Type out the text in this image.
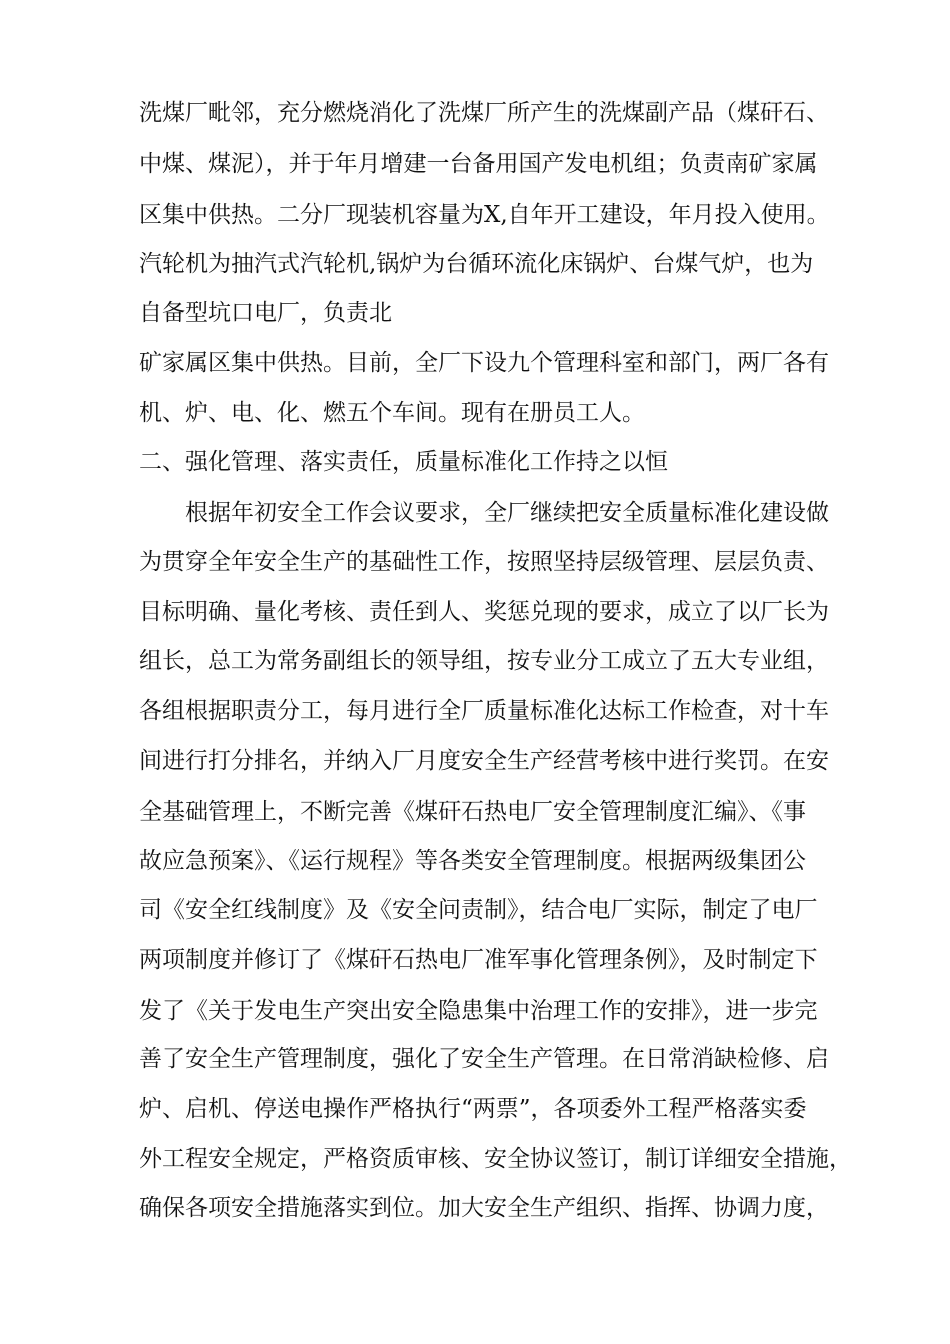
洗煤厂毗邻，充分燃烧消化了洗煤厂所产生的洗煤副产品（煤矸石、
中煤、煤泥），并于年月增建一台备用国产发电机组；负责南矿家属
区集中供热。二分厂现装机容量为X,自年开工建设，年月投入使用。
汽轮机为抽汽式汽轮机,锅炉为台循环流化床锅炉、台煤气炉，也为
自备型坑口电厂，负责北
矿家属区集中供热。目前，全厂下设九个管理科室和部门，两厂各有
机、炉、电、化、燃五个车间。现有在册员工人。
二、强化管理、落实责任，质量标准化工作持之以恒
根据年初安全工作会议要求，全厂继续把安全质量标准化建设做
为贯穿全年安全生产的基础性工作，按照坚持层级管理、层层负责、
目标明确、量化考核、责任到人、奖惩兑现的要求，成立了以厂长为
组长，总工为常务副组长的领导组，按专业分工成立了五大专业组，
各组根据职责分工，每月进行全厂质量标准化达标工作检查，对十车
间进行打分排名，并纳入厂月度安全生产经营考核中进行奖罚。在安
全基础管理上，不断完善《煤矸石热电厂安全管理制度汇编》、《事
故应急预案》、《运行规程》等各类安全管理制度。根据两级集团公
司《安全红线制度》及《安全问责制》，结合电厂实际，制定了电厂
两项制度并修订了《煤矸石热电厂准军事化管理条例》，及时制定下
发了《关于发电生产突出安全隐患集中治理工作的安排》，进一步完
善了安全生产管理制度，强化了安全生产管理。在日常消缺检修、启
炉、启机、停送电操作严格执行“两票”，各项委外工程严格落实委
外工程安全规定，严格资质审核、安全协议签订，制订详细安全措施，
确保各项安全措施落实到位。加大安全生产组织、指挥、协调力度，
